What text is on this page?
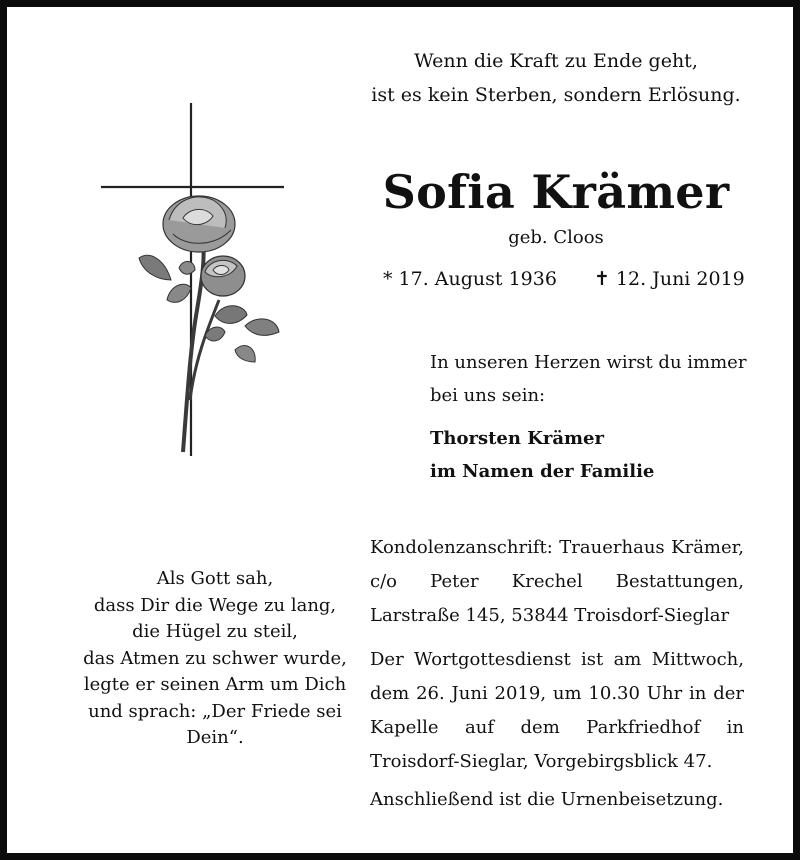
Wenn die Kraft zu Ende geht,
ist es kein Sterben, sondern Erlösung.
Sofia Krämer
geb. Cloos
* 17. August 1936 ✝ 12. Juni 2019
In unseren Herzen wirst du immer
bei uns sein:
Thorsten Krämer
im Namen der Familie
Als Gott sah,
dass Dir die Wege zu lang,
die Hügel zu steil,
das Atmen zu schwer wurde,
legte er seinen Arm um Dich
und sprach: „Der Friede sei Dein“.
Kondolenzanschrift: Trauerhaus Krämer, c/o Peter Krechel Bestattungen, Larstraße 145, 53844 Troisdorf-Sieglar
Der Wortgottesdienst ist am Mittwoch, dem 26. Juni 2019, um 10.30 Uhr in der Kapelle auf dem Parkfriedhof in Troisdorf-Sieglar, Vorgebirgsblick 47.
Anschließend ist die Urnenbeisetzung.
